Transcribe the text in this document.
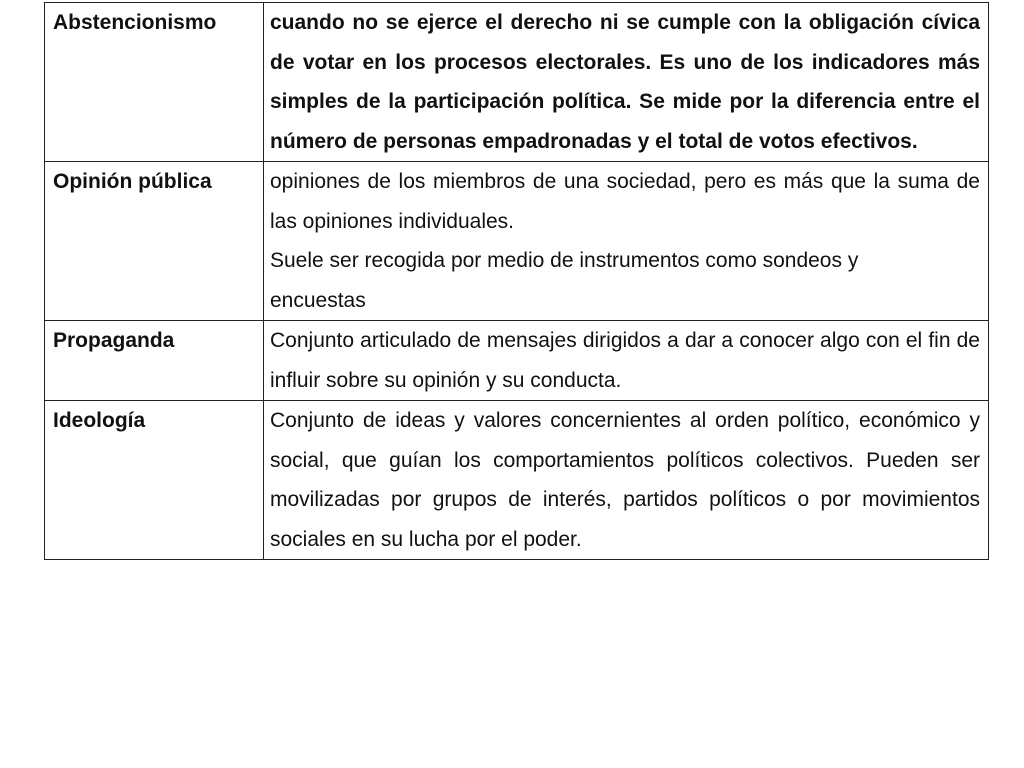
Abstencionismo	cuando no se ejerce el derecho ni se cumple con la obligación cívica de votar en los procesos electorales. Es uno de los indicadores más simples de la participación política. Se mide por la diferencia entre el número de personas empadronadas y el total de votos efectivos.

Opinión pública	opiniones de los miembros de una sociedad, pero es más que la suma de las opiniones individuales.

Suele ser recogida por medio de instrumentos como sondeos y encuestas

Propaganda	Conjunto articulado de mensajes dirigidos a dar a conocer algo con el fin de influir sobre su opinión y su conducta.

Ideología	Conjunto de ideas y valores concernientes al orden político, económico y social, que guían los comportamientos políticos colectivos. Pueden ser movilizadas por grupos de interés, partidos políticos o por movimientos sociales en su lucha por el poder.
